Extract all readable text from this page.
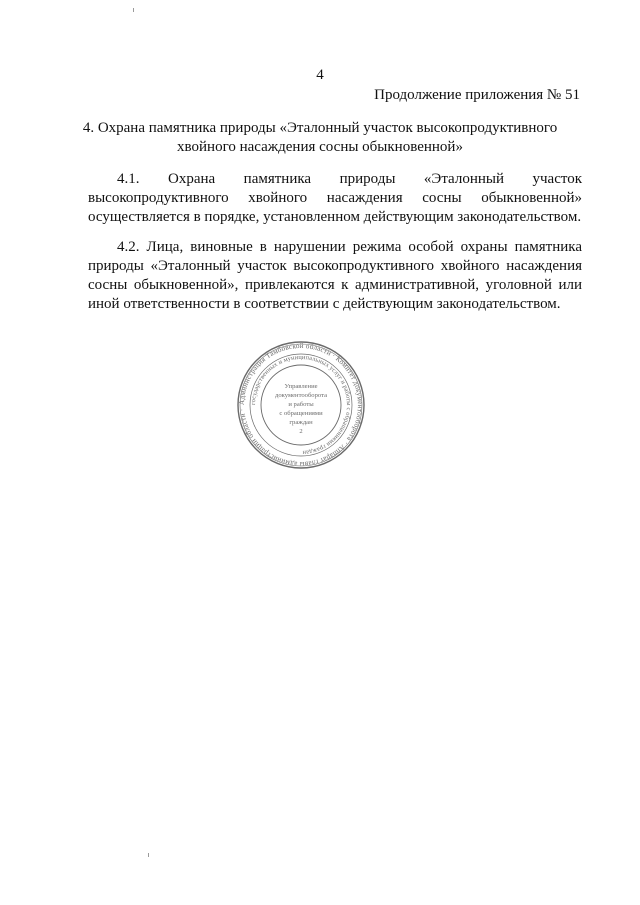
4
Продолжение приложения № 51
4. Охрана памятника природы «Эталонный участок высокопродуктивного
хвойного насаждения сосны обыкновенной»

4.1. Охрана памятника природы «Эталонный участок высокопродуктивного хвойного насаждения сосны обыкновенной» осуществляется в порядке, установленном действующим законодательством.

4.2. Лица, виновные в нарушении режима особой охраны памятника природы «Эталонный участок высокопродуктивного хвойного насаждения сосны обыкновенной», привлекаются к административной, уголовной или иной ответственности в соответствии с действующим законодательством.

Администрация Тамбовской области · Комитет документооборота · Аппарат главы администрации области ·
государственных и муниципальных услуг и работы с обращениями граждан
Управление
документооборота
и работы
с обращениями
граждан
2
